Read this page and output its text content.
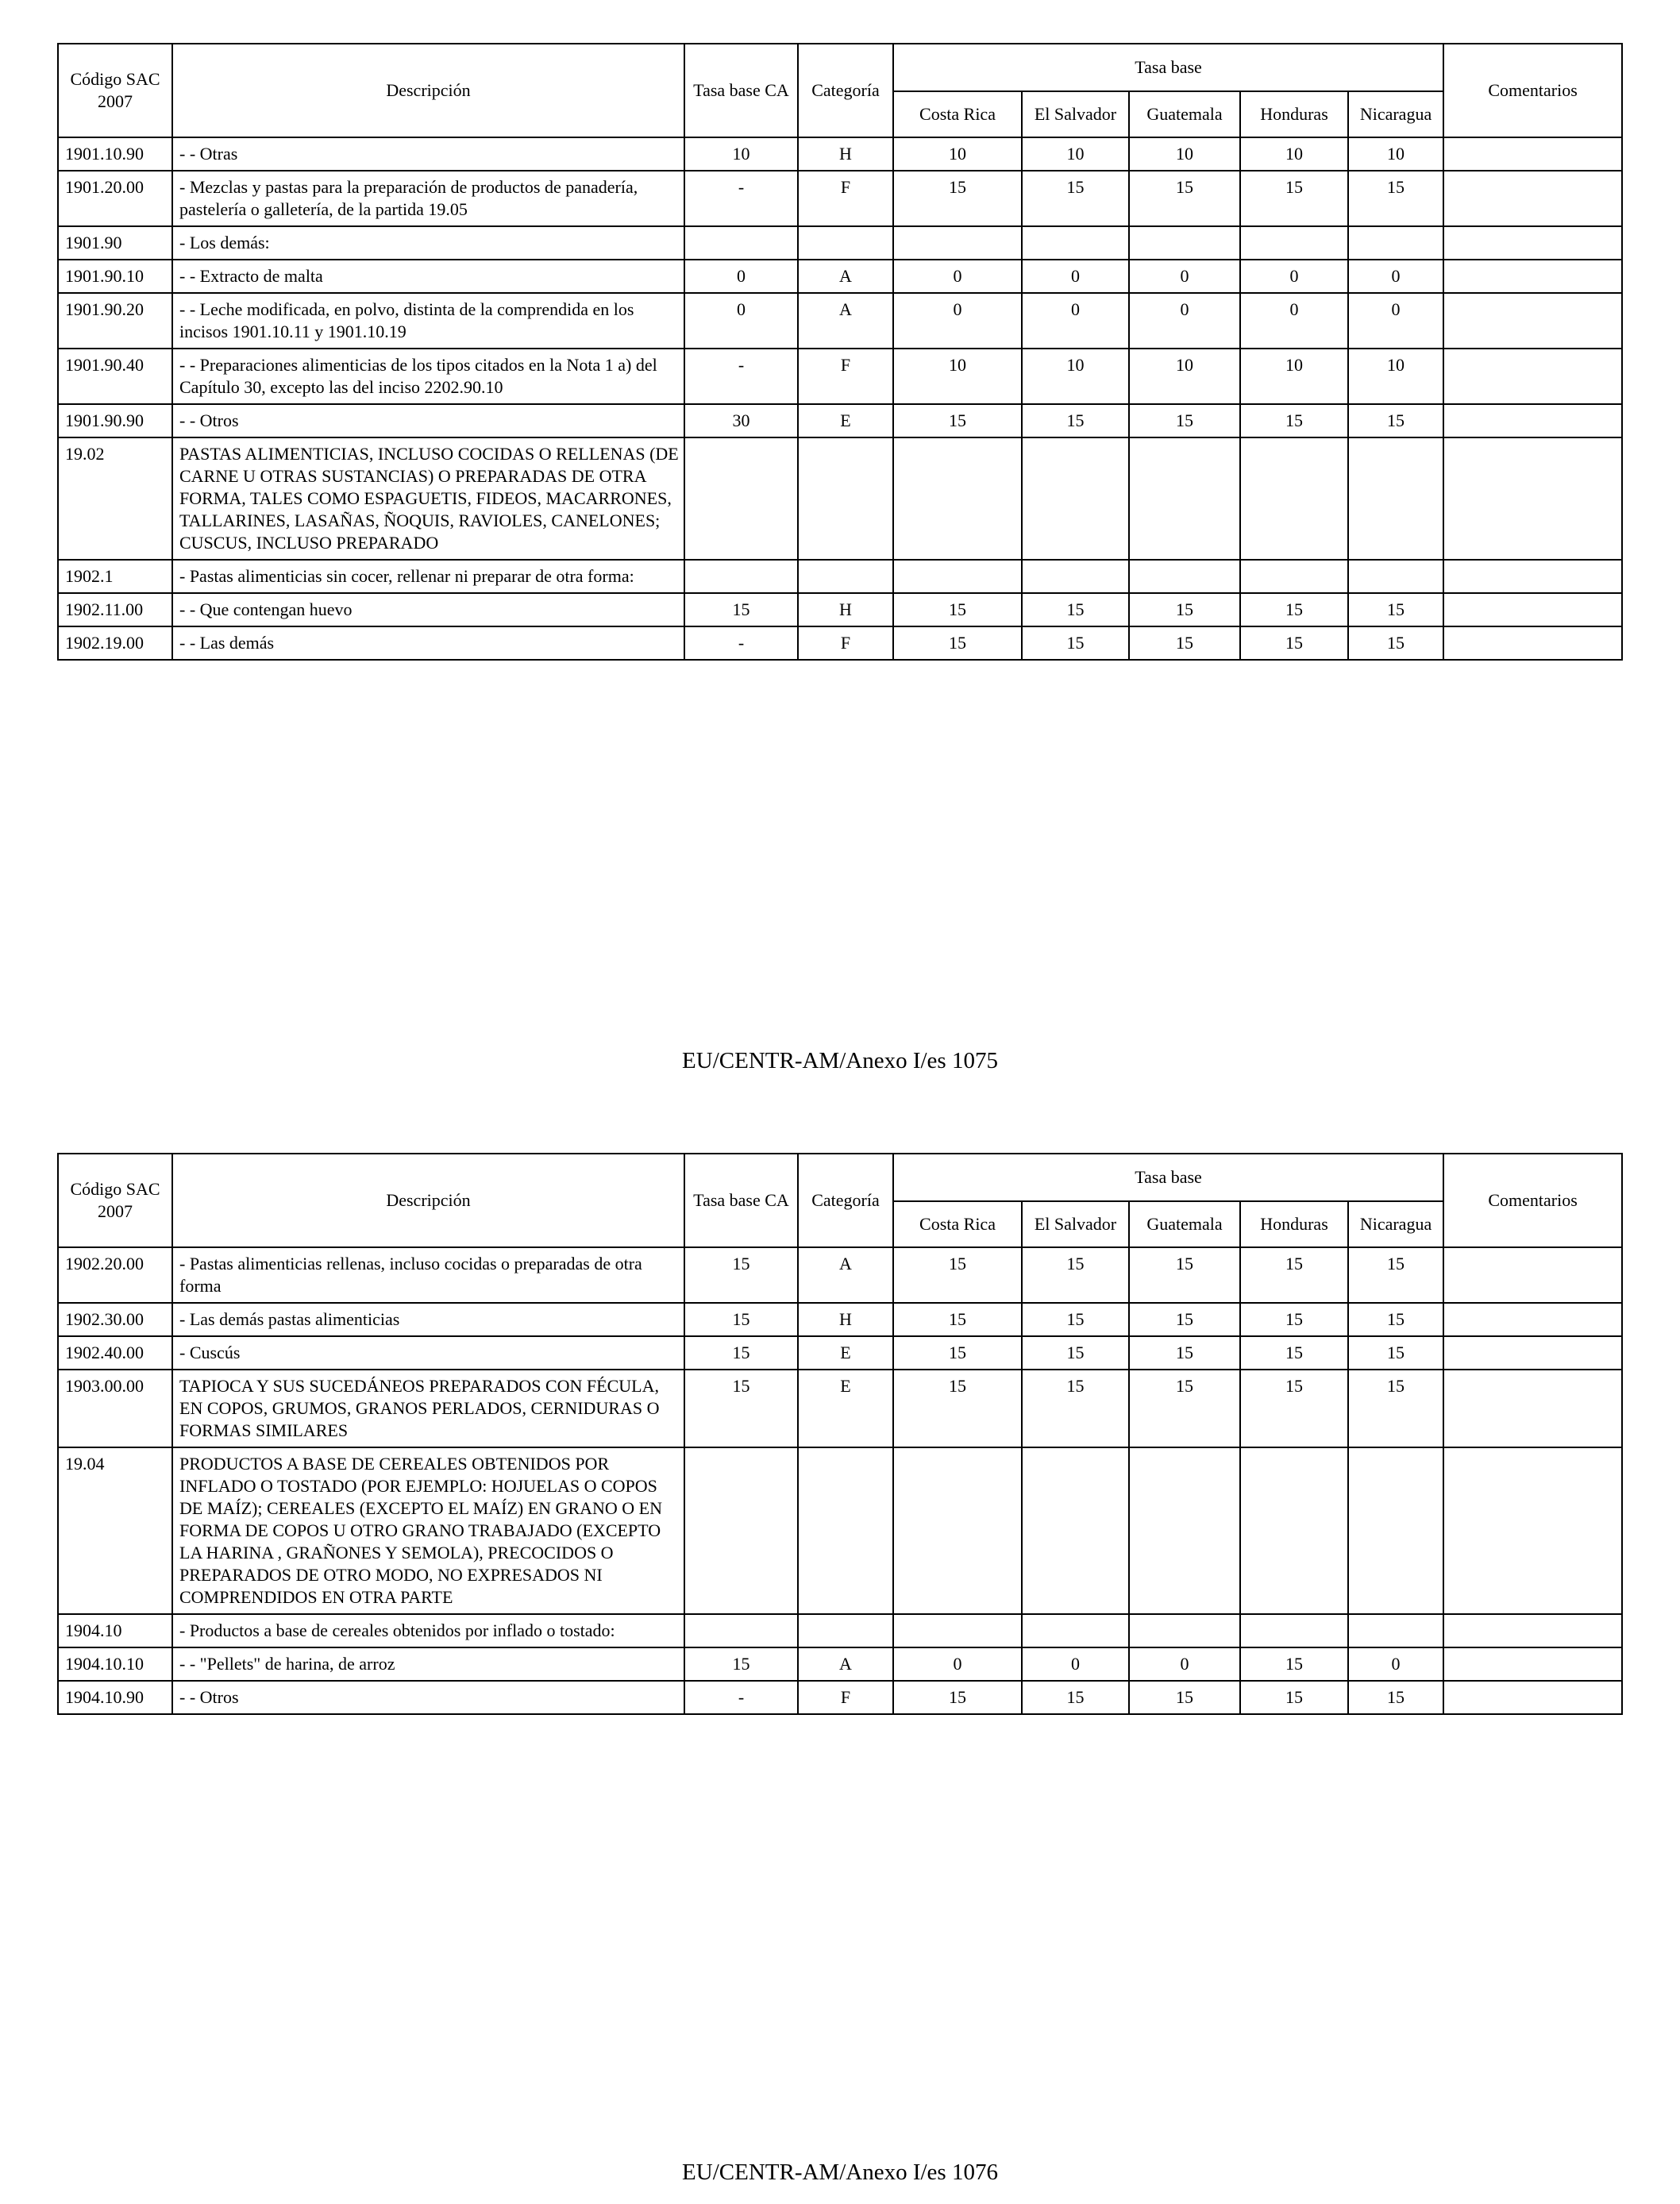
Código SAC 2007	Descripción	Tasa base CA	Categoría	Tasa base					Comentarios
				Costa Rica	El Salvador	Guatemala	Honduras	Nicaragua	
1901.10.90	- - Otras	10	H	10	10	10	10	10	
1901.20.00	- Mezclas y pastas para la preparación de productos de panadería, pastelería o galletería, de la partida 19.05	-	F	15	15	15	15	15	
1901.90	- Los demás:								
1901.90.10	- - Extracto de malta	0	A	0	0	0	0	0	
1901.90.20	- - Leche modificada, en polvo, distinta de la comprendida en los incisos 1901.10.11 y 1901.10.19	0	A	0	0	0	0	0	
1901.90.40	- - Preparaciones alimenticias de los tipos citados en la Nota 1 a) del Capítulo 30, excepto las del inciso 2202.90.10	-	F	10	10	10	10	10	
1901.90.90	- - Otros	30	E	15	15	15	15	15	
19.02	PASTAS ALIMENTICIAS, INCLUSO COCIDAS O RELLENAS (DE CARNE U OTRAS SUSTANCIAS) O PREPARADAS DE OTRA FORMA, TALES COMO ESPAGUETIS, FIDEOS, MACARRONES, TALLARINES, LASAÑAS, ÑOQUIS, RAVIOLES, CANELONES; CUSCUS, INCLUSO PREPARADO								
1902.1	- Pastas alimenticias sin cocer, rellenar ni preparar de otra forma:								
1902.11.00	- - Que contengan huevo	15	H	15	15	15	15	15	
1902.19.00	- - Las demás	-	F	15	15	15	15	15	
EU/CENTR-AM/Anexo I/es 1075
Código SAC 2007	Descripción	Tasa base CA	Categoría	Tasa base					Comentarios
				Costa Rica	El Salvador	Guatemala	Honduras	Nicaragua	
1902.20.00	- Pastas alimenticias rellenas, incluso cocidas o preparadas de otra forma	15	A	15	15	15	15	15	
1902.30.00	- Las demás pastas alimenticias	15	H	15	15	15	15	15	
1902.40.00	- Cuscús	15	E	15	15	15	15	15	
1903.00.00	TAPIOCA Y SUS SUCEDÁNEOS PREPARADOS CON FÉCULA, EN COPOS, GRUMOS, GRANOS PERLADOS, CERNIDURAS O FORMAS SIMILARES	15	E	15	15	15	15	15	
19.04	PRODUCTOS A BASE DE CEREALES OBTENIDOS POR INFLADO O TOSTADO (POR EJEMPLO: HOJUELAS O COPOS DE MAÍZ); CEREALES (EXCEPTO EL MAÍZ) EN GRANO O EN FORMA DE COPOS U OTRO GRANO TRABAJADO (EXCEPTO LA HARINA , GRAÑONES Y SEMOLA), PRECOCIDOS O PREPARADOS DE OTRO MODO, NO EXPRESADOS NI COMPRENDIDOS EN OTRA PARTE								
1904.10	- Productos a base de cereales obtenidos por inflado o tostado:								
1904.10.10	- - "Pellets" de harina, de arroz	15	A	0	0	0	15	0	
1904.10.90	- - Otros	-	F	15	15	15	15	15	
EU/CENTR-AM/Anexo I/es 1076
